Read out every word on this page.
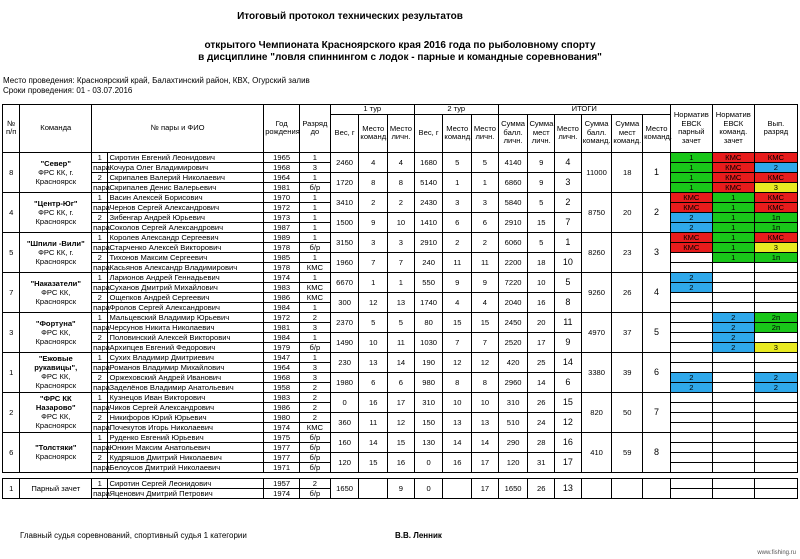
Итоговый протокол технических результатов
открытого Чемпионата Красноярского края 2016 года по рыболовному спорту
в дисциплине "ловля спиннингом с лодок - парные и командные соревнования"
Место проведения: Красноярский край, Балахтинский район, КВХ, Огурский залив
Сроки проведения: 01 - 03.07.2016
№ п/п	Команда	№ пары и ФИО		Год рождения	Разряд до	1 тур			2 тур			ИТОГИ						Норматив ЕВСК парный зачет	Норматив ЕВСК команд. зачет	Вып. разряд
						Вес, г	Место команд.	Место личн.	Вес, г	Место команд.	Место личн.	Сумма балл. личн.	Сумма мест личн.	Место личн.	Сумма балл. команд.	Сумма мест команд.	Место команд.			
8	"Север"
ФРС КК, г. Красноярск	1	Сиротин Евгений Леонидович	1965	1	2460	4	4	1680	5	5	4140	9	4	11000	18	1	1	КМС	КМС
		пара	Кочура Олег Владимирович	1968	3													1	КМС	2
		2	Скрипалев Валерий Николаевич	1964	1	1720	8	8	5140	1	1	6860	9	3				1	КМС	КМС
		пара	Скрипалев Денис Валерьевич	1981	б/р													1	КМС	3
4	"Центр-Юг"
ФРС КК, г. Красноярск	1	Васин Алексей Борисович	1970	1	3410	2	2	2430	3	3	5840	5	2	8750	20	2	КМС	1	КМС
		пара	Чернов Сергей Александрович	1972	1													КМС	1	КМС
		2	Зибенгар Андрей Юрьевич	1973	1	1500	9	10	1410	6	6	2910	15	7				2	1	1п
		пара	Соколов Сергей Александрович	1987	1													2	1	1п
5	"Шпили -Вили"
ФРС КК, г. Красноярск	1	Королев Александр Сергеевич	1989	1	3150	3	3	2910	2	2	6060	5	1	8260	23	3	КМС	1	КМС
		пара	Старченко Алексей Викторович	1978	б/р													КМС	1	3
		2	Тихонов Максим Сергеевич	1985	1	1960	7	7	240	11	11	2200	18	10					1	1п
		пара	Касьянов Александр Владимирович	1978	КМС															
7	"Наказатели"
ФРС КК, Красноярск	1	Ларионов Андрей Геннадьевич	1974	1	6670	1	1	550	9	9	7220	10	5	9260	26	4	2		
		пара	Суханов Дмитрий Михайлович	1983	КМС													2		
		2	Ощепков Андрей Сергеевич	1986	КМС	300	12	13	1740	4	4	2040	16	8						
		пара	Фролов Сергей Александрович	1984	1															
3	"Фортуна"
ФРС КК, Красноярск	1	Мальцевский Владимир Юрьевич	1972	2	2370	5	5	80	15	15	2450	20	11	4970	37	5		2	2п
		пара	Черсунов Никита Николаевич	1981	3														2	2п
		2	Половинский Алексей Викторович	1984	1	1490	10	11	1030	7	7	2520	17	9					2	
		пара	Архипцев Евгений Федорович	1979	б/р														2	3
1	"Ежовые рукавицы",
ФРС КК, Красноярск	1	Сухих Владимир Дмитриевич	1947	1	230	13	14	190	12	12	420	25	14	3380	39	6			
		пара	Романов Владимир Михайлович	1964	3															
		2	Оржеховский Андрей Иванович	1968	3	1980	6	6	980	8	8	2960	14	6				2		2
		пара	Заделёнов Владимир Анатольевич	1958	2													2		2
2	"ФРС КК Назарово"
ФРС КК, Красноярск	1	Кузнецов Иван Викторович	1983	2	0	16	17	310	10	10	310	26	15	820	50	7			
		пара	Чиков Сергей Александрович	1986	2															
		2	Никифоров Юрий Юрьевич	1980	2	360	11	12	150	13	13	510	24	12						
		пара	Почекутов Игорь Николаевич	1974	КМС															
6	"Толстяки"
Красноярск	1	Руденко Евгений Юрьевич	1975	б/р	160	14	15	130	14	14	290	28	16	410	59	8			
		пара	Юнкин Максим Анатольевич	1977	б/р															
		2	Кудряшов Дмитрий Николаевич	1977	б/р	120	15	16	0	16	17	120	31	17						
		пара	Белоусов Дмитрий Николаевич	1971	б/р															

1	Парный зачет	1	Сиротин Сергей Леонидович	1957	2	1650		9	0		17	1650	26	13						
		пара	Яценович Дмитрий Петрович	1974	б/р															
Главный судья соревнований, спортивный судья 1 категории	В.В. Ленник
www.fishing.ru
